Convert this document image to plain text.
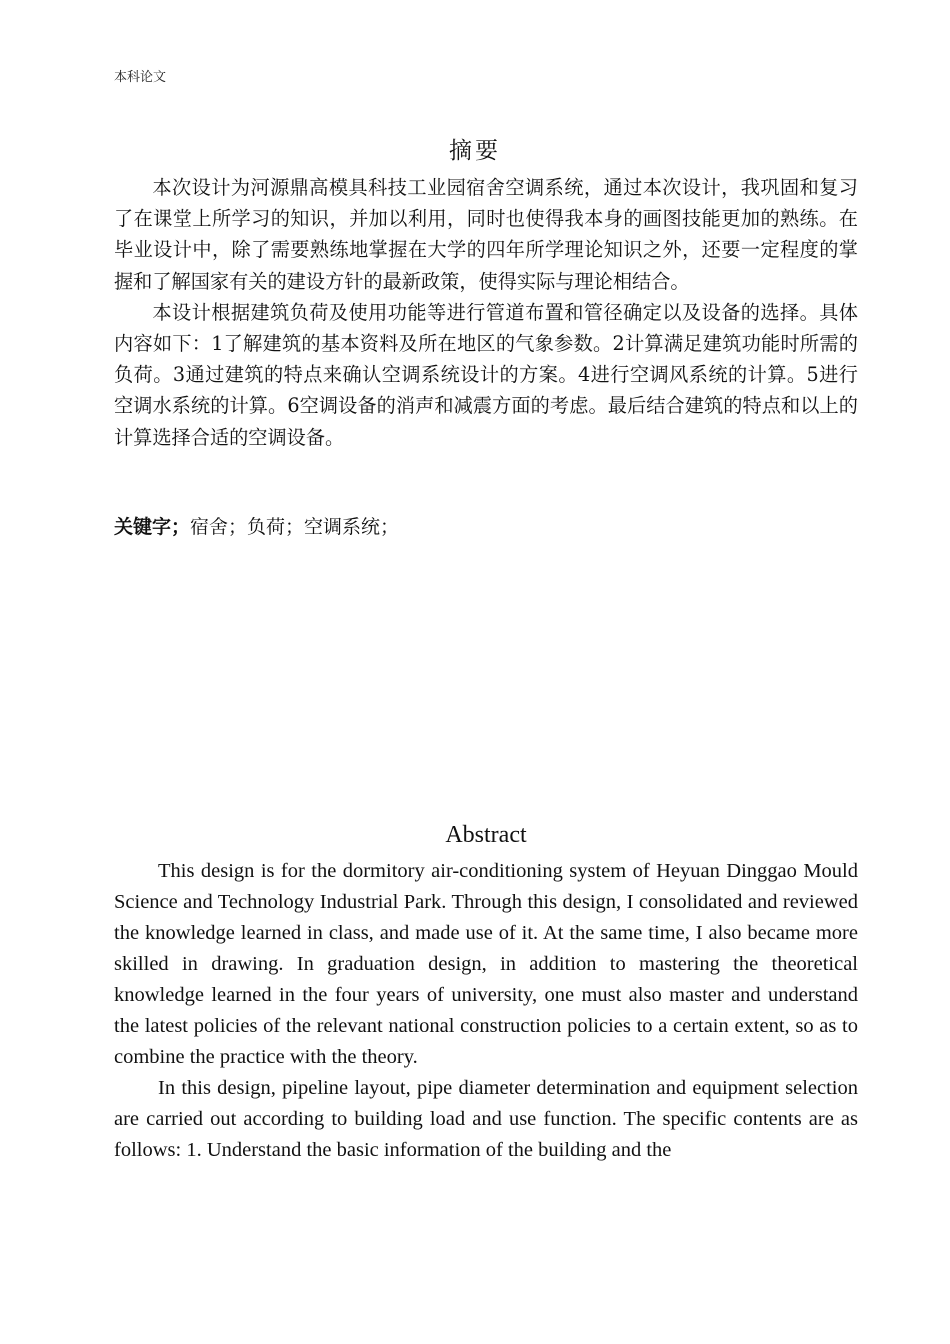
本科论文
摘要

本次设计为河源鼎高模具科技工业园宿舍空调系统，通过本次设计，我巩固和复习了在课堂上所学习的知识，并加以利用，同时也使得我本身的画图技能更加的熟练。在毕业设计中，除了需要熟练地掌握在大学的四年所学理论知识之外，还要一定程度的掌握和了解国家有关的建设方针的最新政策，使得实际与理论相结合。

本设计根据建筑负荷及使用功能等进行管道布置和管径确定以及设备的选择。具体内容如下：1了解建筑的基本资料及所在地区的气象参数。2计算满足建筑功能时所需的负荷。3通过建筑的特点来确认空调系统设计的方案。4进行空调风系统的计算。5进行空调水系统的计算。6空调设备的消声和减震方面的考虑。最后结合建筑的特点和以上的计算选择合适的空调设备。

关键字；宿舍；负荷；空调系统；
Abstract

This design is for the dormitory air-conditioning system of Heyuan Dinggao Mould Science and Technology Industrial Park. Through this design, I consolidated and reviewed the knowledge learned in class, and made use of it. At the same time, I also became more skilled in drawing. In graduation design, in addition to mastering the theoretical knowledge learned in the four years of university, one must also master and understand the latest policies of the relevant national construction policies to a certain extent, so as to combine the practice with the theory.

In this design, pipeline layout, pipe diameter determination and equipment selection are carried out according to building load and use function. The specific contents are as follows: 1. Understand the basic information of the building and the
